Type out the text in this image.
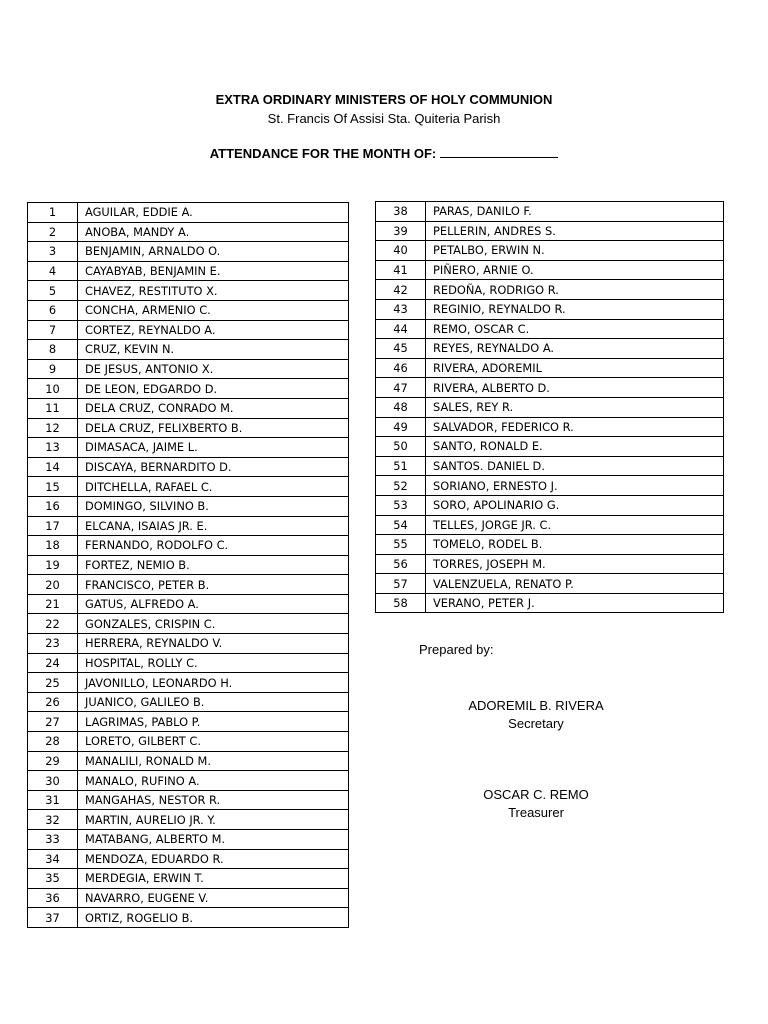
EXTRA ORDINARY MINISTERS OF HOLY COMMUNION
St. Francis Of Assisi Sta. Quiteria Parish
ATTENDANCE FOR THE MONTH OF:
1	AGUILAR, EDDIE A.
2	ANOBA, MANDY A.
3	BENJAMIN, ARNALDO O.
4	CAYABYAB, BENJAMIN E.
5	CHAVEZ, RESTITUTO X.
6	CONCHA, ARMENIO C.
7	CORTEZ, REYNALDO A.
8	CRUZ, KEVIN N.
9	DE JESUS, ANTONIO X.
10	DE LEON, EDGARDO D.
11	DELA CRUZ, CONRADO M.
12	DELA CRUZ, FELIXBERTO B.
13	DIMASACA, JAIME L.
14	DISCAYA, BERNARDITO D.
15	DITCHELLA, RAFAEL C.
16	DOMINGO, SILVINO B.
17	ELCANA, ISAIAS JR. E.
18	FERNANDO, RODOLFO C.
19	FORTEZ, NEMIO B.
20	FRANCISCO, PETER B.
21	GATUS, ALFREDO A.
22	GONZALES, CRISPIN C.
23	HERRERA, REYNALDO V.
24	HOSPITAL, ROLLY C.
25	JAVONILLO, LEONARDO H.
26	JUANICO, GALILEO B.
27	LAGRIMAS, PABLO P.
28	LORETO, GILBERT C.
29	MANALILI, RONALD M.
30	MANALO, RUFINO A.
31	MANGAHAS, NESTOR R.
32	MARTIN, AURELIO JR. Y.
33	MATABANG, ALBERTO M.
34	MENDOZA, EDUARDO R.
35	MERDEGIA, ERWIN T.
36	NAVARRO, EUGENE V.
37	ORTIZ, ROGELIO B.
38	PARAS, DANILO F.
39	PELLERIN, ANDRES S.
40	PETALBO, ERWIN N.
41	PIÑERO, ARNIE O.
42	REDOÑA, RODRIGO R.
43	REGINIO, REYNALDO R.
44	REMO, OSCAR C.
45	REYES, REYNALDO A.
46	RIVERA, ADOREMIL
47	RIVERA, ALBERTO D.
48	SALES, REY R.
49	SALVADOR, FEDERICO R.
50	SANTO, RONALD E.
51	SANTOS. DANIEL D.
52	SORIANO, ERNESTO J.
53	SORO, APOLINARIO G.
54	TELLES, JORGE JR. C.
55	TOMELO, RODEL B.
56	TORRES, JOSEPH M.
57	VALENZUELA, RENATO P.
58	VERANO, PETER J.
Prepared by:
ADOREMIL B. RIVERA
Secretary
OSCAR C. REMO
Treasurer
